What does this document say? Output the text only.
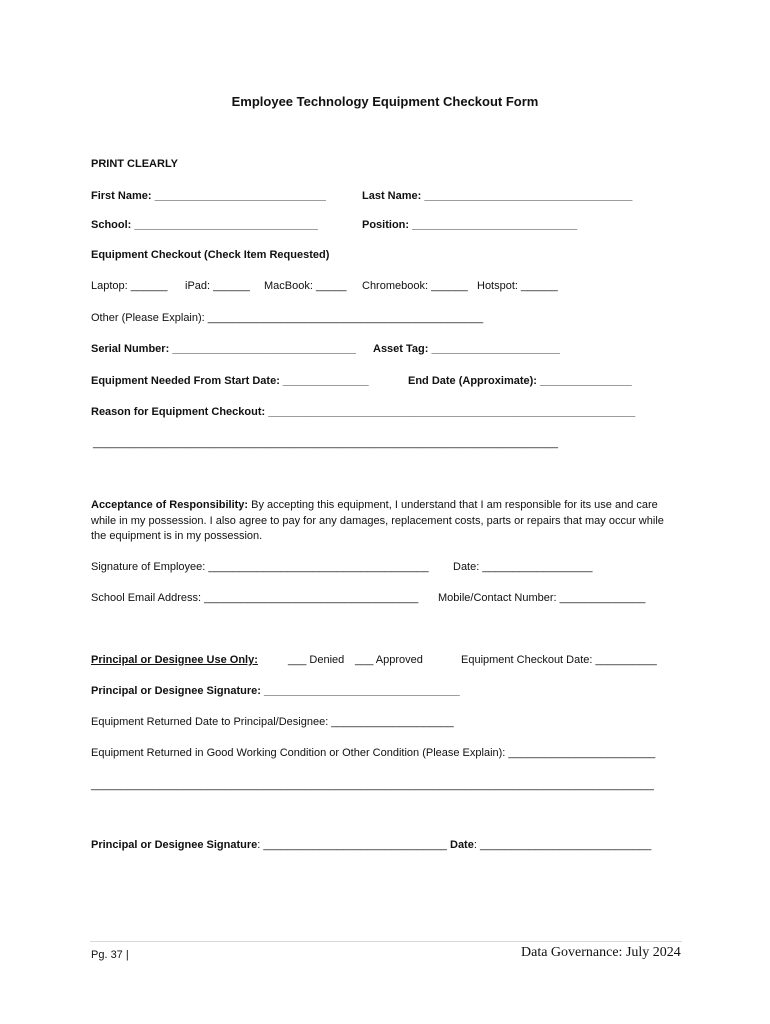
Employee Technology Equipment Checkout Form
PRINT CLEARLY
First Name: ____________________________	Last Name: __________________________________
School: ______________________________	Position: ___________________________
Equipment Checkout (Check Item Requested)
Laptop: ______ iPad: ______ MacBook: _____ Chromebook: ______ Hotspot: ______
Other (Please Explain): _____________________________________________
Serial Number: ______________________________ Asset Tag: _____________________
Equipment Needed From Start Date: ______________	End Date (Approximate): _______________
Reason for Equipment Checkout: ____________________________________________________________
____________________________________________________________________________
Acceptance of Responsibility: By accepting this equipment, I understand that I am responsible for its use and care while in my possession. I also agree to pay for any damages, replacement costs, parts or repairs that may occur while the equipment is in my possession.
Signature of Employee: ____________________________________ Date: __________________
School Email Address: ___________________________________ Mobile/Contact Number: ______________
Principal or Designee Use Only:	___ Denied ___ Approved	Equipment Checkout Date: __________
Principal or Designee Signature: ________________________________
Equipment Returned Date to Principal/Designee: ____________________
Equipment Returned in Good Working Condition or Other Condition (Please Explain): ________________________
____________________________________________________________________________________________
Principal or Designee Signature: ______________________________ Date: ____________________________
Pg. 37 |	Data Governance: July 2024
